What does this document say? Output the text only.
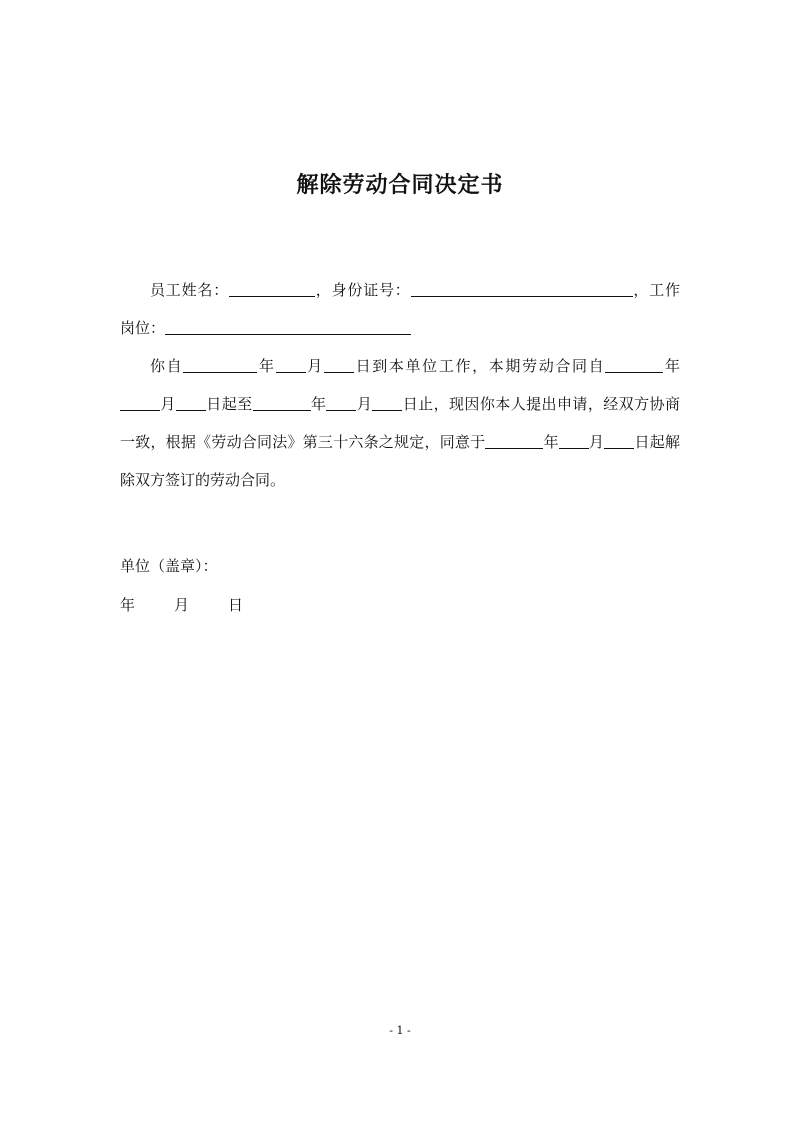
解除劳动合同决定书
员工姓名：	，身份证号：	，工作岗位：
你自	年 月 日到本单位工作，本期劳动合同自	年月 日起至	年 月 日止，现因你本人提出申请，经双方协商一致，根据《劳动合同法》第三十六条之规定，同意于	年 月 日起解除双方签订的劳动合同。
单位（盖章）：
年	月	日
- 1 -
